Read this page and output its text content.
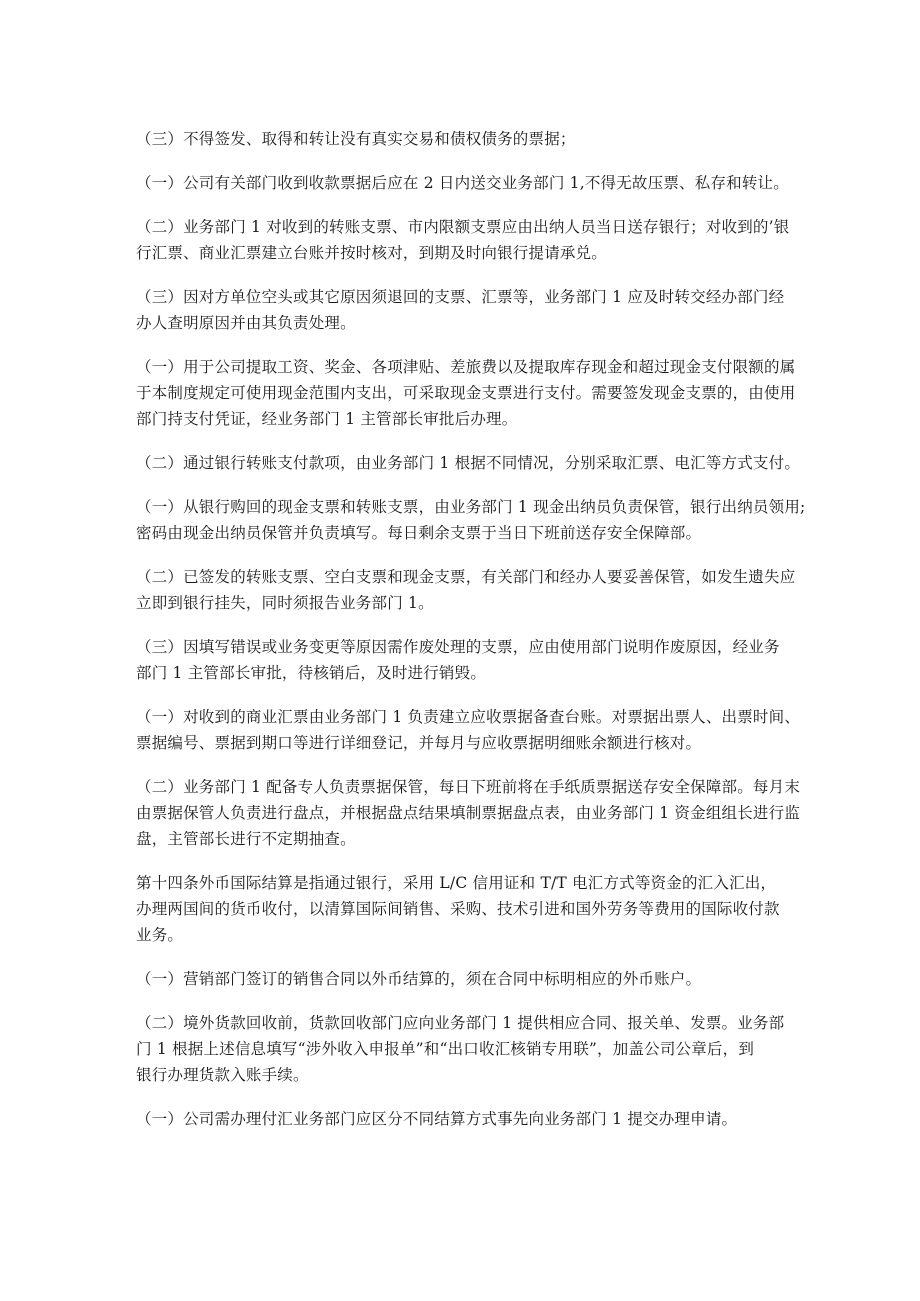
（三）不得签发、取得和转让没有真实交易和债权债务的票据；

（一）公司有关部门收到收款票据后应在 2 日内送交业务部门 1,不得无故压票、私存和转让。

（二）业务部门 1 对收到的转账支票、市内限额支票应由出纳人员当日送存银行；对收到的’银
行汇票、商业汇票建立台账并按时核对，到期及时向银行提请承兑。

（三）因对方单位空头或其它原因须退回的支票、汇票等，业务部门 1 应及时转交经办部门经
办人查明原因并由其负责处理。

（一）用于公司提取工资、奖金、各项津贴、差旅费以及提取库存现金和超过现金支付限额的属
于本制度规定可使用现金范围内支出，可采取现金支票进行支付。需要签发现金支票的，由使用
部门持支付凭证，经业务部门 1 主管部长审批后办理。

（二）通过银行转账支付款项，由业务部门 1 根据不同情况，分别采取汇票、电汇等方式支付。

（一）从银行购回的现金支票和转账支票，由业务部门 1 现金出纳员负责保管，银行出纳员领用;
密码由现金出纳员保管并负责填写。每日剩余支票于当日下班前送存安全保障部。

（二）已签发的转账支票、空白支票和现金支票，有关部门和经办人要妥善保管，如发生遗失应
立即到银行挂失，同时须报告业务部门 1。

（三）因填写错误或业务变更等原因需作废处理的支票，应由使用部门说明作废原因，经业务
部门 1 主管部长审批，待核销后，及时进行销毁。

（一）对收到的商业汇票由业务部门 1 负责建立应收票据备查台账。对票据出票人、出票时间、
票据编号、票据到期口等进行详细登记，并每月与应收票据明细账余额进行核对。

（二）业务部门 1 配备专人负责票据保管，每日下班前将在手纸质票据送存安全保障部。每月末
由票据保管人负责进行盘点，并根据盘点结果填制票据盘点表，由业务部门 1 资金组组长进行监
盘，主管部长进行不定期抽查。

第十四条外币国际结算是指通过银行，采用 L/C 信用证和 T/T 电汇方式等资金的汇入汇出，
办理两国间的货币收付，以清算国际间销售、采购、技术引进和国外劳务等费用的国际收付款
业务。

（一）营销部门签订的销售合同以外币结算的，须在合同中标明相应的外币账户。

（二）境外货款回收前，货款回收部门应向业务部门 1 提供相应合同、报关单、发票。业务部
门 1 根据上述信息填写“涉外收入申报单”和“出口收汇核销专用联”，加盖公司公章后，到
银行办理货款入账手续。

（一）公司需办理付汇业务部门应区分不同结算方式事先向业务部门 1 提交办理申请。
